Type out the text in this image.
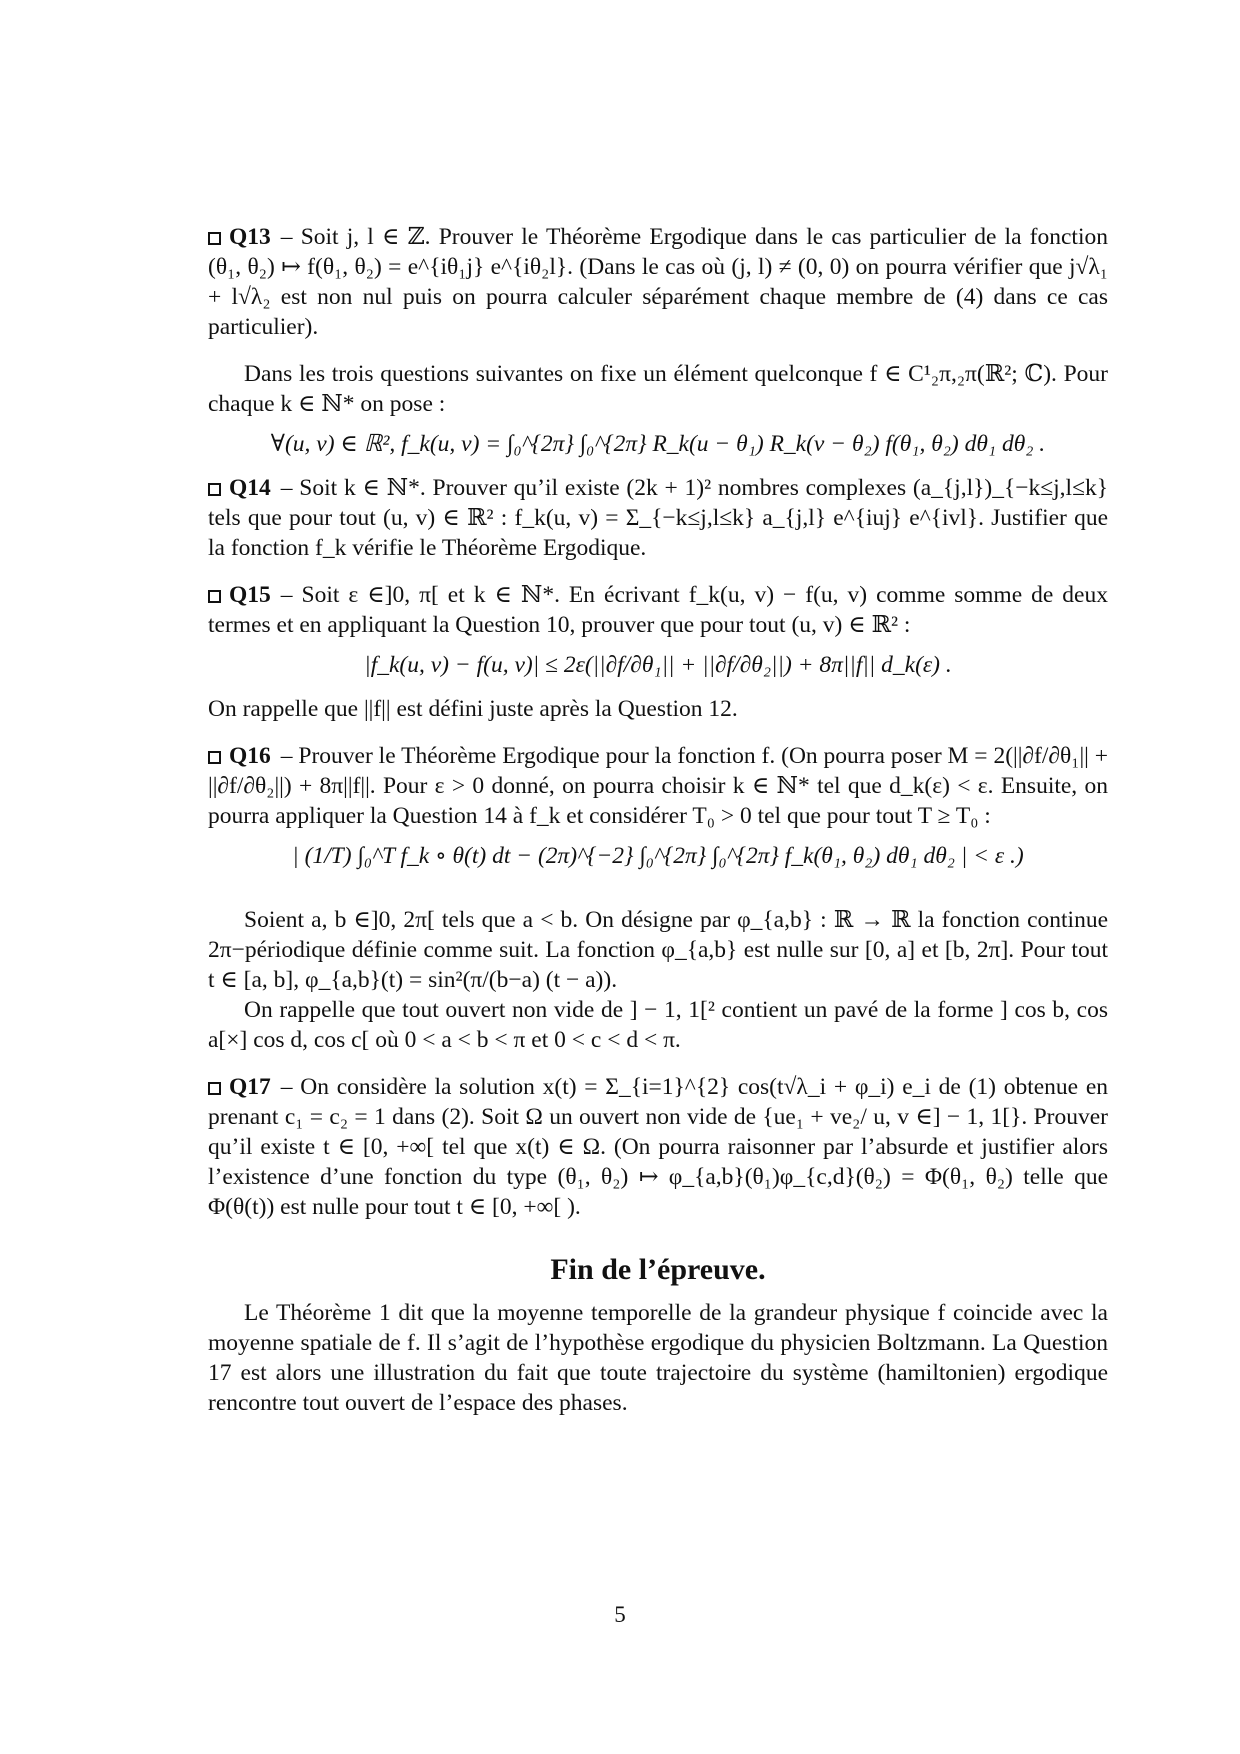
Q13 – Soit j, l ∈ ℤ. Prouver le Théorème Ergodique dans le cas particulier de la fonction (θ₁, θ₂) ↦ f(θ₁, θ₂) = e^{iθ₁j} e^{iθ₂l}. (Dans le cas où (j, l) ≠ (0, 0) on pourra vérifier que j√λ₁ + l√λ₂ est non nul puis on pourra calculer séparément chaque membre de (4) dans ce cas particulier).

Dans les trois questions suivantes on fixe un élément quelconque f ∈ C¹₂π,₂π(ℝ²; ℂ). Pour chaque k ∈ ℕ* on pose :

∀(u, v) ∈ ℝ², f_k(u, v) = ∫₀^{2π} ∫₀^{2π} R_k(u − θ₁) R_k(v − θ₂) f(θ₁, θ₂) dθ₁ dθ₂ .

Q14 – Soit k ∈ ℕ*. Prouver qu’il existe (2k + 1)² nombres complexes (a_{j,l})_{−k≤j,l≤k} tels que pour tout (u, v) ∈ ℝ² : f_k(u, v) = Σ_{−k≤j,l≤k} a_{j,l} e^{iuj} e^{ivl}. Justifier que la fonction f_k vérifie le Théorème Ergodique.

Q15 – Soit ε ∈]0, π[ et k ∈ ℕ*. En écrivant f_k(u, v) − f(u, v) comme somme de deux termes et en appliquant la Question 10, prouver que pour tout (u, v) ∈ ℝ² :

|f_k(u, v) − f(u, v)| ≤ 2ε(||∂f/∂θ₁|| + ||∂f/∂θ₂||) + 8π||f|| d_k(ε) .

On rappelle que ||f|| est défini juste après la Question 12.

Q16 – Prouver le Théorème Ergodique pour la fonction f. (On pourra poser M = 2(||∂f/∂θ₁|| + ||∂f/∂θ₂||) + 8π||f||. Pour ε > 0 donné, on pourra choisir k ∈ ℕ* tel que d_k(ε) < ε. Ensuite, on pourra appliquer la Question 14 à f_k et considérer T₀ > 0 tel que pour tout T ≥ T₀ :

| (1/T) ∫₀^T f_k ∘ θ(t) dt − (2π)^{−2} ∫₀^{2π} ∫₀^{2π} f_k(θ₁, θ₂) dθ₁ dθ₂ | < ε .)

Soient a, b ∈]0, 2π[ tels que a < b. On désigne par φ_{a,b} : ℝ → ℝ la fonction continue 2π−périodique définie comme suit. La fonction φ_{a,b} est nulle sur [0, a] et [b, 2π]. Pour tout t ∈ [a, b], φ_{a,b}(t) = sin²(π/(b−a) (t − a)).

On rappelle que tout ouvert non vide de ] − 1, 1[² contient un pavé de la forme ] cos b, cos a[×] cos d, cos c[ où 0 < a < b < π et 0 < c < d < π.

Q17 – On considère la solution x(t) = Σ_{i=1}^{2} cos(t√λ_i + φ_i) e_i de (1) obtenue en prenant c₁ = c₂ = 1 dans (2). Soit Ω un ouvert non vide de {ue₁ + ve₂/ u, v ∈] − 1, 1[}. Prouver qu’il existe t ∈ [0, +∞[ tel que x(t) ∈ Ω. (On pourra raisonner par l’absurde et justifier alors l’existence d’une fonction du type (θ₁, θ₂) ↦ φ_{a,b}(θ₁)φ_{c,d}(θ₂) = Φ(θ₁, θ₂) telle que Φ(θ(t)) est nulle pour tout t ∈ [0, +∞[ ).

Fin de l’épreuve.

Le Théorème 1 dit que la moyenne temporelle de la grandeur physique f coincide avec la moyenne spatiale de f. Il s’agit de l’hypothèse ergodique du physicien Boltzmann. La Question 17 est alors une illustration du fait que toute trajectoire du système (hamiltonien) ergodique rencontre tout ouvert de l’espace des phases.

5
